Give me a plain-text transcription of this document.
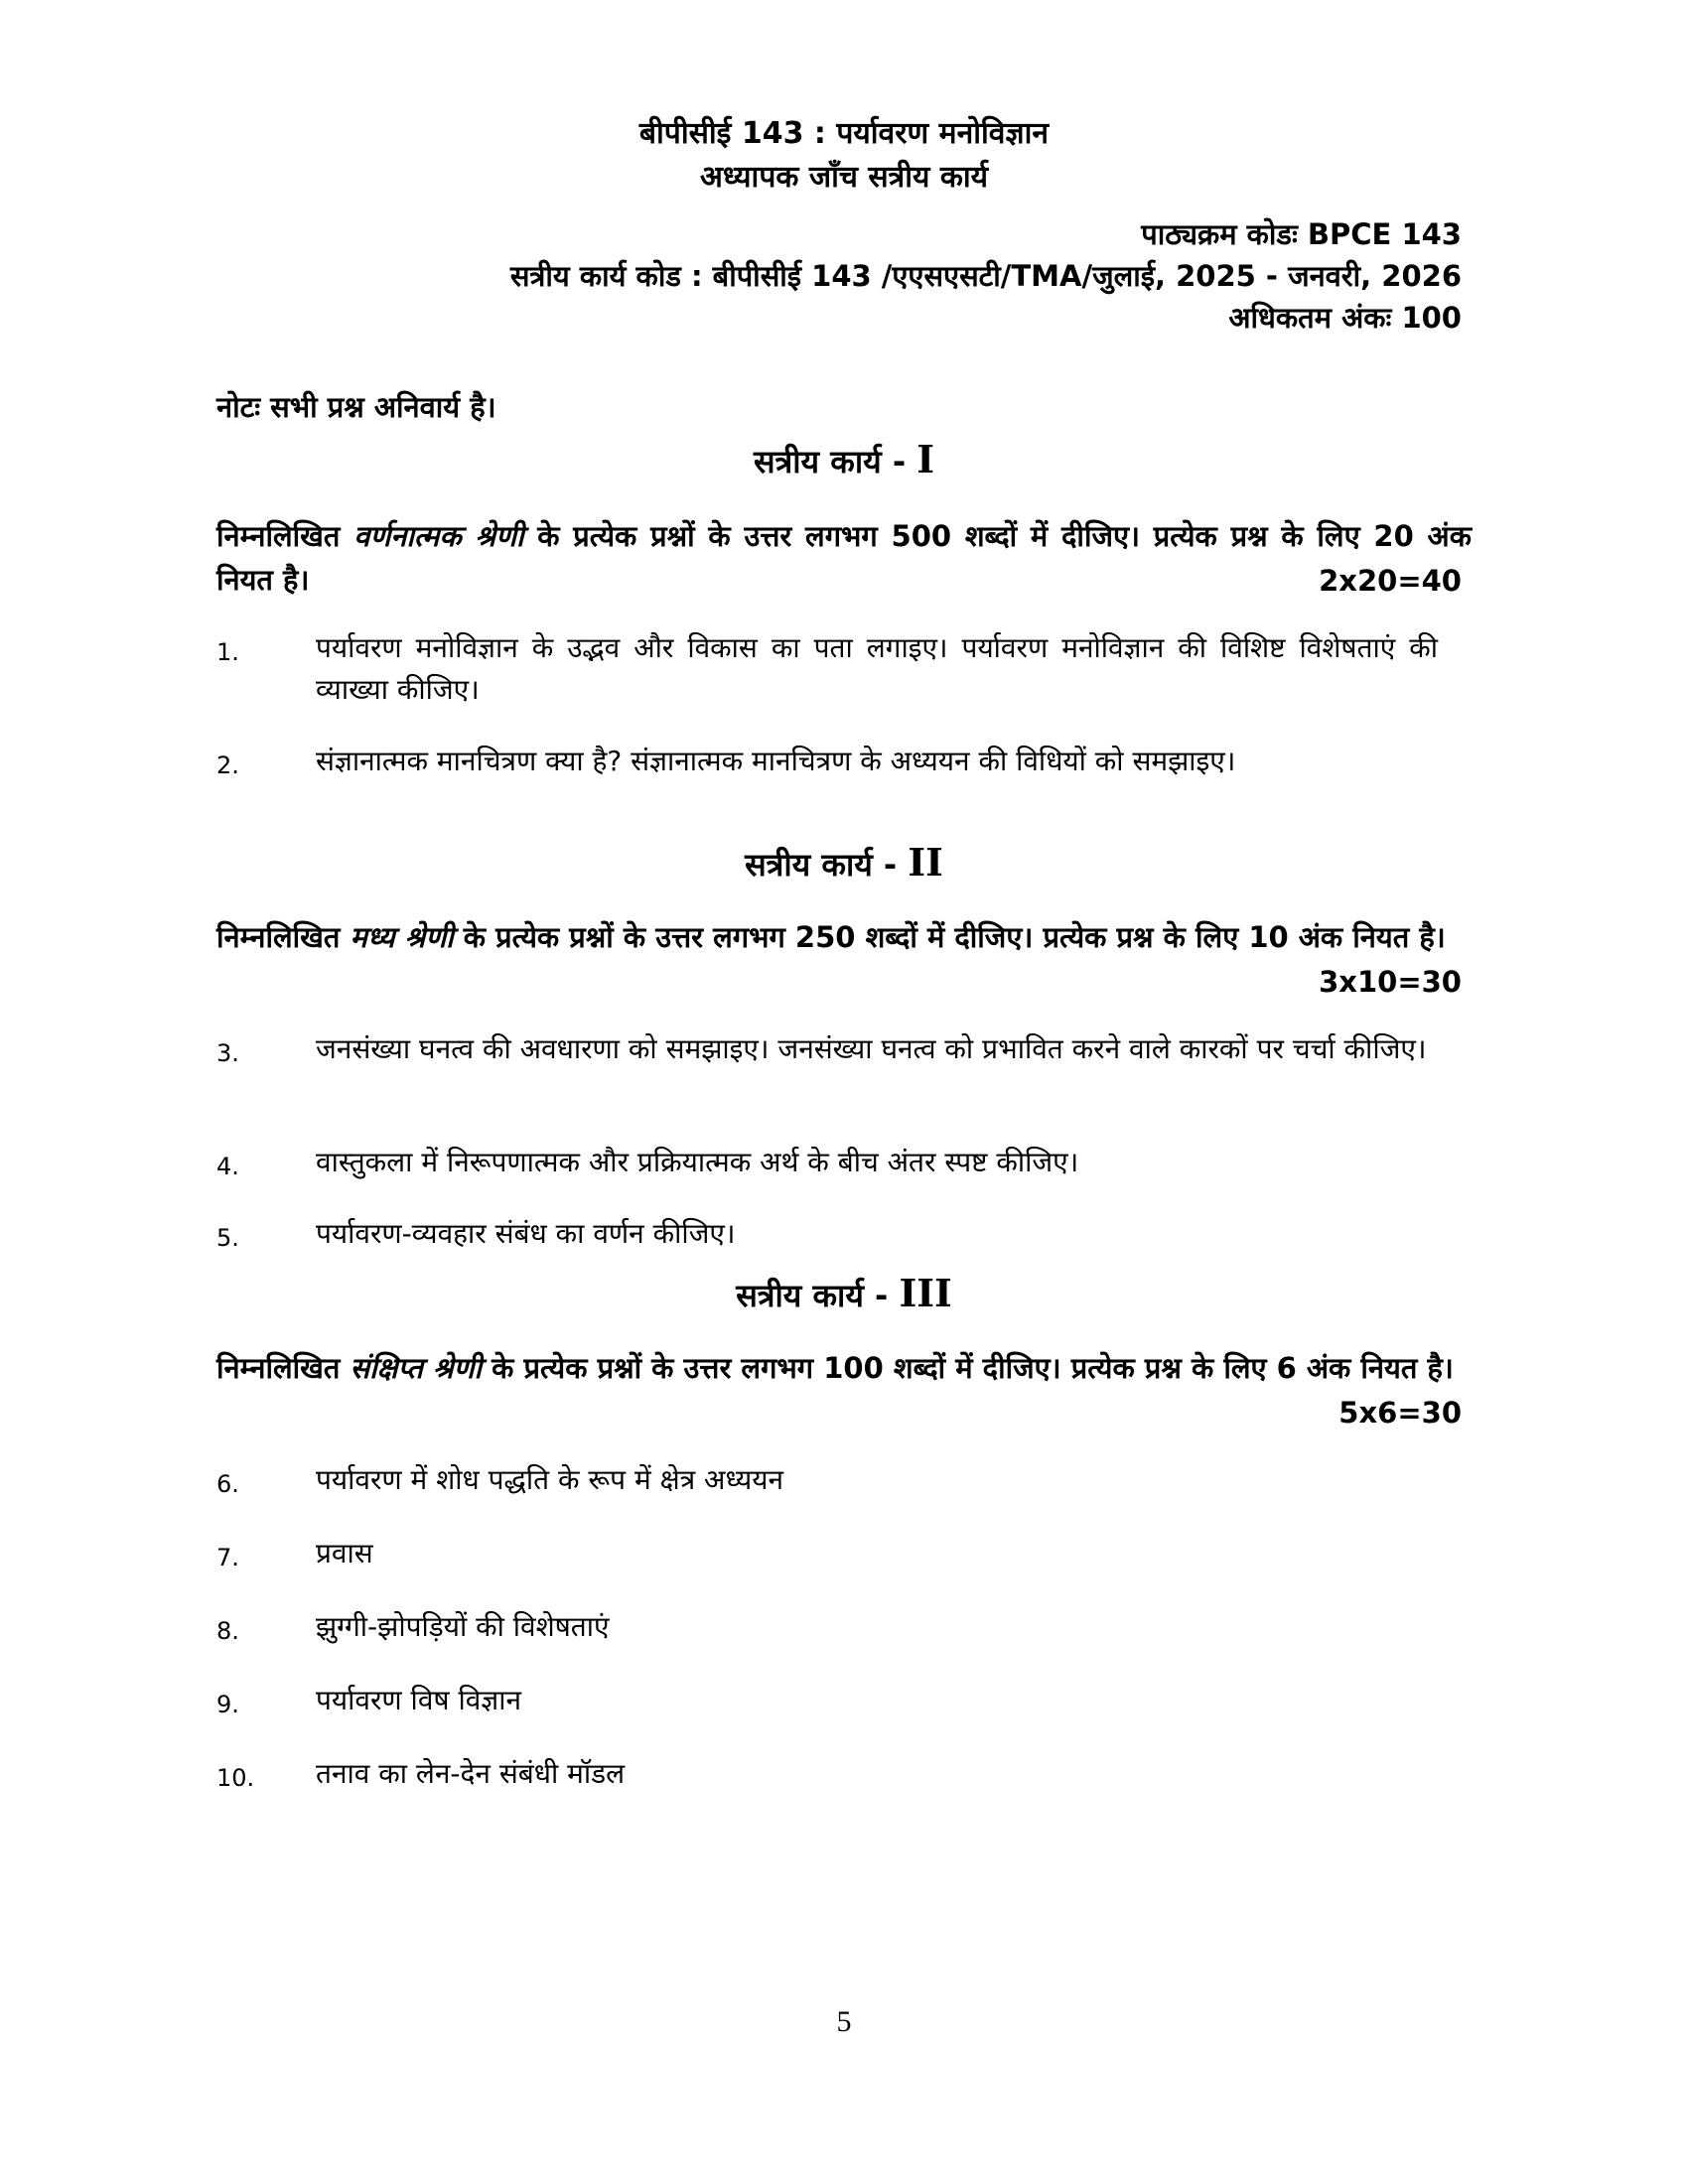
बीपीसीई 143 : पर्यावरण मनोविज्ञान
अध्यापक जाँच सत्रीय कार्य
पाठ्यक्रम कोडः BPCE 143
सत्रीय कार्य कोड : बीपीसीई 143 /एएसएसटी/TMA/जुलाई, 2025 - जनवरी, 2026
अधिकतम अंकः 100
नोटः सभी प्रश्न अनिवार्य है।
सत्रीय कार्य - I
निम्नलिखित वर्णनात्मक श्रेणी के प्रत्येक प्रश्नों के उत्तर लगभग 500 शब्दों में दीजिए। प्रत्येक प्रश्न के लिए 20 अंक नियत है।	2x20=40
1.	पर्यावरण मनोविज्ञान के उद्भव और विकास का पता लगाइए। पर्यावरण मनोविज्ञान की विशिष्ट विशेषताएं की व्याख्या कीजिए।
2.	संज्ञानात्मक मानचित्रण क्या है? संज्ञानात्मक मानचित्रण के अध्ययन की विधियों को समझाइए।
सत्रीय कार्य - II
निम्नलिखित मध्य श्रेणी के प्रत्येक प्रश्नों के उत्तर लगभग 250 शब्दों में दीजिए। प्रत्येक प्रश्न के लिए 10 अंक नियत है।
3x10=30
3.	जनसंख्या घनत्व की अवधारणा को समझाइए। जनसंख्या घनत्व को प्रभावित करने वाले कारकों पर चर्चा कीजिए।
4.	वास्तुकला में निरूपणात्मक और प्रक्रियात्मक अर्थ के बीच अंतर स्पष्ट कीजिए।
5.	पर्यावरण-व्यवहार संबंध का वर्णन कीजिए।
सत्रीय कार्य - III
निम्नलिखित संक्षिप्त श्रेणी के प्रत्येक प्रश्नों के उत्तर लगभग 100 शब्दों में दीजिए। प्रत्येक प्रश्न के लिए 6 अंक नियत है।
5x6=30
6.	पर्यावरण में शोध पद्धति के रूप में क्षेत्र अध्ययन
7.	प्रवास
8.	झुग्गी-झोपड़ियों की विशेषताएं
9.	पर्यावरण विष विज्ञान
10.	तनाव का लेन-देन संबंधी मॉडल
5
